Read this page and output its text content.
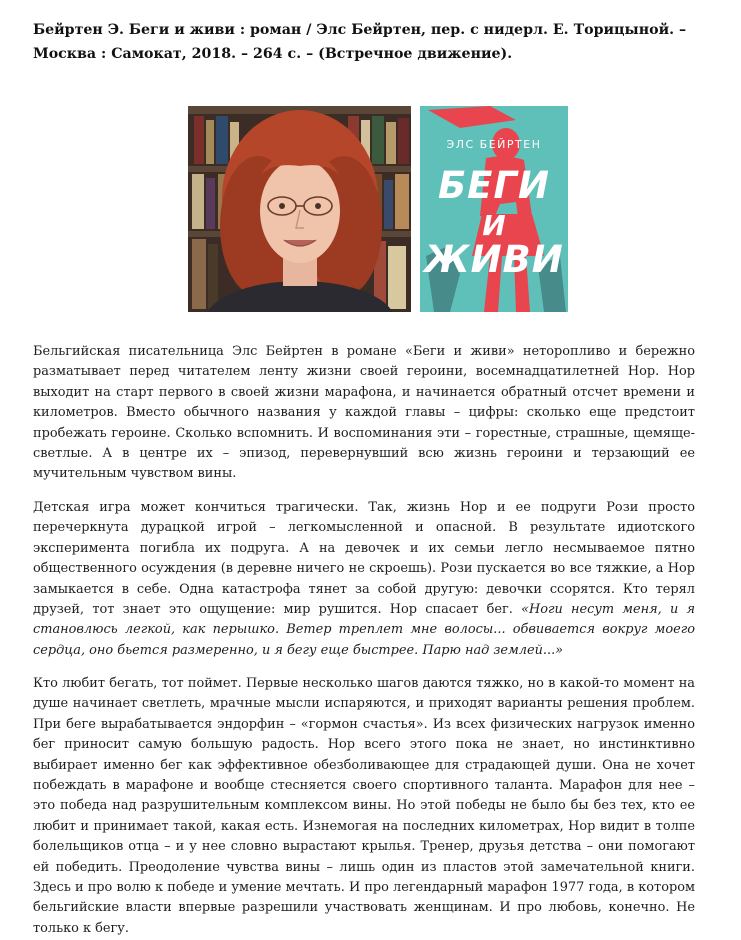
Бейртен Э. Беги и живи : роман / Элс Бейртен, пер. с нидерл. Е. Торицыной. – Москва : Самокат, 2018. – 264 с. – (Встречное движение).
ЭЛС БЕЙРТЕН
БЕГИ
И
ЖИВИ

Бельгийская писательница Элс Бейртен в романе «Беги и живи» неторопливо и бережно разматывает перед читателем ленту жизни своей героини, восемнадцатилетней Нор. Нор выходит на старт первого в своей жизни марафона, и начинается обратный отсчет времени и километров. Вместо обычного названия у каждой главы – цифры: сколько еще предстоит пробежать героине. Сколько вспомнить. И воспоминания эти – горестные, страшные, щемяще-светлые. А в центре их – эпизод, перевернувший всю жизнь героини и терзающий ее мучительным чувством вины.

Детская игра может кончиться трагически. Так, жизнь Нор и ее подруги Рози просто перечеркнута дурацкой игрой – легкомысленной и опасной. В результате идиотского эксперимента погибла их подруга. А на девочек и их семьи легло несмываемое пятно общественного осуждения (в деревне ничего не скроешь). Рози пускается во все тяжкие, а Нор замыкается в себе. Одна катастрофа тянет за собой другую: девочки ссорятся. Кто терял друзей, тот знает это ощущение: мир рушится. Нор спасает бег. «Ноги несут меня, и я становлюсь легкой, как перышко. Ветер треплет мне волосы... обвивается вокруг моего сердца, оно бьется размеренно, и я бегу еще быстрее. Парю над землей...»

Кто любит бегать, тот поймет. Первые несколько шагов даются тяжко, но в какой-то момент на душе начинает светлеть, мрачные мысли испаряются, и приходят варианты решения проблем. При беге вырабатывается эндорфин – «гормон счастья». Из всех физических нагрузок именно бег приносит самую большую радость. Нор всего этого пока не знает, но инстинктивно выбирает именно бег как эффективное обезболивающее для страдающей души. Она не хочет побеждать в марафоне и вообще стесняется своего спортивного таланта. Марафон для нее – это победа над разрушительным комплексом вины. Но этой победы не было бы без тех, кто ее любит и принимает такой, какая есть. Изнемогая на последних километрах, Нор видит в толпе болельщиков отца – и у нее словно вырастают крылья. Тренер, друзья детства – они помогают ей победить. Преодоление чувства вины – лишь один из пластов этой замечательной книги. Здесь и про волю к победе и умение мечтать. И про легендарный марафон 1977 года, в котором бельгийские власти впервые разрешили участвовать женщинам. И про любовь, конечно. Не только к бегу.
